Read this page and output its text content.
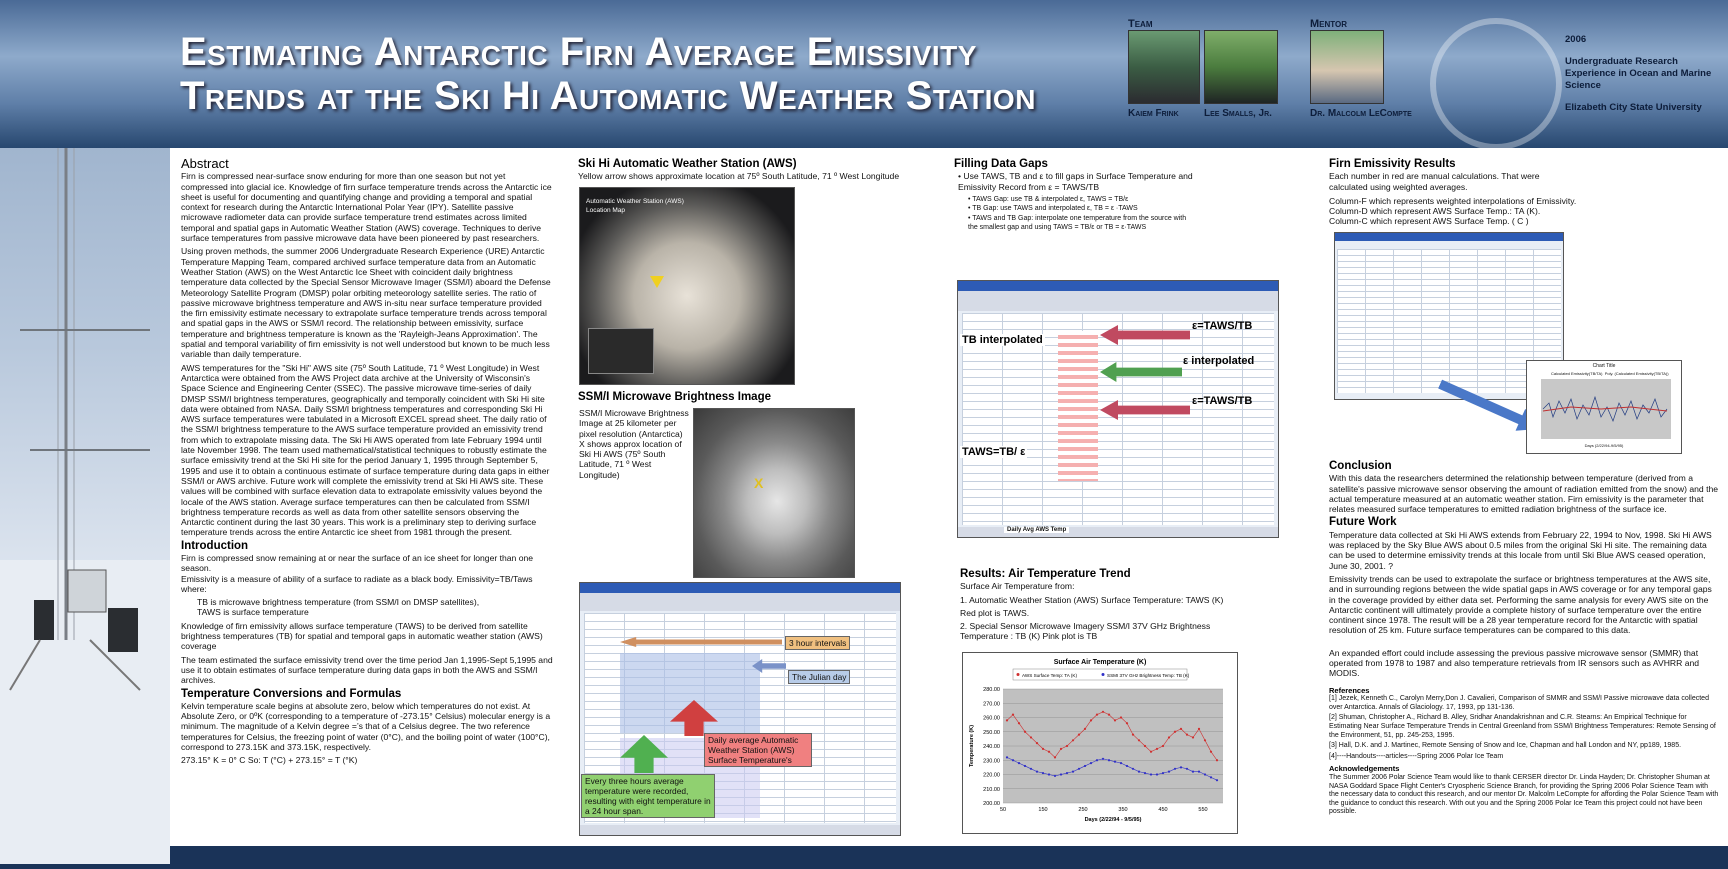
Estimating Antarctic Firn Average Emissivity
Trends at the Ski Hi Automatic Weather Station
Team
Kaiem Frink	Lee Smalls, Jr.
Mentor
Dr. Malcolm LeCompte
2006
Undergraduate Research Experience in Ocean and Marine Science
Elizabeth City State University
Abstract

Firn is compressed near-surface snow enduring for more than one season but not yet compressed into glacial ice. Knowledge of firn surface temperature trends across the Antarctic ice sheet is useful for documenting and quantifying change and providing a temporal and spatial context for research during the Antarctic International Polar Year (IPY). Satellite passive microwave radiometer data can provide surface temperature trend estimates across limited temporal and spatial gaps in Automatic Weather Station (AWS) coverage. Techniques to derive surface temperatures from passive microwave data have been pioneered by past researchers.

Using proven methods, the summer 2006 Undergraduate Research Experience (URE) Antarctic Temperature Mapping Team, compared archived surface temperature data from an Automatic Weather Station (AWS) on the West Antarctic Ice Sheet with coincident daily brightness temperature data collected by the Special Sensor Microwave Imager (SSM/I) aboard the Defense Meteorology Satellite Program (DMSP) polar orbiting meteorology satellite series. The ratio of passive microwave brightness temperature and AWS in-situ near surface temperature provided the firn emissivity estimate necessary to extrapolate surface temperature trends across temporal and spatial gaps in the AWS or SSM/I record. The relationship between emissivity, surface temperature and brightness temperature is known as the 'Rayleigh-Jeans Approximation'. The spatial and temporal variability of firn emissivity is not well understood but known to be much less variable than daily temperature.

AWS temperatures for the "Ski Hi" AWS site (75º South Latitude, 71 º West Longitude) in West Antarctica were obtained from the AWS Project data archive at the University of Wisconsin's Space Science and Engineering Center (SSEC). The passive microwave time-series of daily DMSP SSM/I brightness temperatures, geographically and temporally coincident with Ski Hi site data were obtained from NASA. Daily SSM/I brightness temperatures and corresponding Ski Hi AWS surface temperatures were tabulated in a Microsoft EXCEL spread sheet. The daily ratio of the SSM/I brightness temperature to the AWS surface temperature provided an emissivity trend from which to extrapolate missing data. The Ski Hi AWS operated from late February 1994 until late November 1998. The team used mathematical/statistical techniques to robustly estimate the surface emissivity trend at the Ski Hi site for the period January 1, 1995 through September 5, 1995 and use it to obtain a continuous estimate of surface temperature during data gaps in either SSM/I or AWS archive. Future work will complete the emissivity trend at Ski Hi AWS site. These values will be combined with surface elevation data to extrapolate emissivity values beyond the locale of the AWS station. Average surface temperatures can then be calculated from SSM/I brightness temperature records as well as data from other satellite sensors observing the Antarctic continent during the last 30 years. This work is a preliminary step to deriving surface temperature trends across the entire Antarctic ice sheet from 1981 through the present.

Introduction

Firn is compressed snow remaining at or near the surface of an ice sheet for longer than one season.

Emissivity is a measure of ability of a surface to radiate as a black body. Emissivity=TB/Taws where:

TB is microwave brightness temperature (from SSM/I on DMSP satellites),

TAWS is surface temperature

Knowledge of firn emissivity allows surface temperature (TAWS) to be derived from satellite brightness temperatures (TB) for spatial and temporal gaps in automatic weather station (AWS) coverage

The team estimated the surface emissivity trend over the time period Jan 1,1995-Sept 5,1995 and use it to obtain estimates of surface temperature during data gaps in both the AWS and SSM/I archives.

Temperature Conversions and Formulas

Kelvin temperature scale begins at absolute zero, below which temperatures do not exist. At Absolute Zero, or 0ºK (corresponding to a temperature of -273.15° Celsius) molecular energy is a minimum. The magnitude of a Kelvin degree =’s that of a Celsius degree. The two reference temperatures for Celsius, the freezing point of water (0°C), and the boiling point of water (100°C), correspond to 273.15K and 373.15K, respectively.

273.15° K = 0° C So: T (°C) + 273.15° = T (°K)

Ski Hi Automatic Weather Station (AWS)

Yellow arrow shows approximate location at 75º South Latitude, 71 º West Longitude

Automatic Weather Station (AWS) Location Map
SSM/I Microwave Brightness Image

SSM/I Microwave Brightness Image at 25 kilometer per pixel resolution (Antarctica) X shows approx location of Ski Hi AWS (75º South Latitude, 71 º West Longitude)

X
3 hour intervals
The Julian day
Daily average Automatic Weather Station (AWS) Surface Temperature's
Every three hours average temperature were recorded, resulting with eight temperature in a 24 hour span.
Filling Data Gaps

• Use TAWS, TB and ε to fill gaps in Surface Temperature and Emissivity Record from ε = TAWS/TB

• TAWS Gap: use TB & interpolated ε, TAWS = TB/ε

• TB Gap: use TAWS and interpolated ε, TB = ε ·TAWS

• TAWS and TB Gap: interpolate one temperature from the source with the smallest gap and using TAWS = TB/ε or TB = ε·TAWS

Daily Avg AWS Temp
ε=TAWS/TB
TB interpolated
ε interpolated
ε=TAWS/TB
TAWS=TB/ ε
Results: Air Temperature Trend

Surface Air Temperature from:

1. Automatic Weather Station (AWS) Surface Temperature: TAWS (K)

Red plot is TAWS.

2. Special Sensor Microwave Imagery SSM/I 37V GHz Brightness Temperature : TB (K) Pink plot is TB

Surface Air Temperature (K)
AWS Surface Temp: TA (K)	SSMI 37V GHz Brightness Temp: TB (K)
200.00
210.00
220.00
230.00
240.00
250.00
260.00
270.00
280.00
50	150	250	350	450	550
Days (2/22/94 - 9/5/95)
Temperature (K)
Firn Emissivity Results

Each number in red are manual calculations. That were calculated using weighted averages.

Column-F which represents weighted interpolations of Emissivity.

Column-D which represent AWS Surface Temp.: TA (K).

Column-C which represent AWS Surface Temp. ( C )

Chart Title
Calculated Emissivity(TB/TA) Poly. (Calculated Emissivity(TB/TA))
Days (2/22/94-9/5/95)
Conclusion

With this data the researchers determined the relationship between temperature (derived from a satellite's passive microwave sensor observing the amount of radiation emitted from the snow) and the actual temperature measured at an automatic weather station. Firn emissivity is the parameter that relates measured surface temperatures to emitted radiation brightness of the surface ice.

Future Work

Temperature data collected at Ski Hi AWS extends from February 22, 1994 to Nov, 1998. Ski Hi AWS was replaced by the Sky Blue AWS about 0.5 miles from the original Ski Hi site. The remaining data can be used to determine emissivity trends at this locale from until Ski Blue AWS ceased operation, June 30, 2001. ?

Emissivity trends can be used to extrapolate the surface or brightness temperatures at the AWS site, and in surrounding regions between the wide spatial gaps in AWS coverage or for any temporal gaps in the coverage provided by either data set. Performing the same analysis for every AWS site on the Antarctic continent will ultimately provide a complete history of surface temperature over the entire continent since 1978. The result will be a 28 year temperature record for the Antarctic with spatial resolution of 25 km. Future surface temperatures can be compared to this data.

An expanded effort could include assessing the previous passive microwave sensor (SMMR) that operated from 1978 to 1987 and also temperature retrievals from IR sensors such as AVHRR and MODIS.

References

[1] Jezek, Kenneth C., Carolyn Merry,Don J. Cavalieri, Comparison of SMMR and SSM/I Passive microwave data collected over Antarctica. Annals of Glaciology. 17, 1993, pp 131-136.

[2] Shuman, Christopher A., Richard B. Alley, Sridhar Anandakrishnan and C.R. Stearns: An Empirical Technique for Estimating Near Surface Temperature Trends in Central Greenland from SSM/I Brightness Temperatures: Remote Sensing of the Environment, 51, pp. 245-253, 1995.

[3] Hall, D.K. and J. Martinec, Remote Sensing of Snow and Ice, Chapman and hall London and NY, pp189, 1985.

[4]----Handouts----articles----Spring 2006 Polar Ice Team

Acknowledgements

The Summer 2006 Polar Science Team would like to thank CERSER director Dr. Linda Hayden; Dr. Christopher Shuman at NASA Goddard Space Flight Center's Cryospheric Science Branch, for providing the Spring 2006 Polar Science Team with the necessary data to conduct this research, and our mentor Dr. Malcolm LeCompte for affording the Polar Science Team with the guidance to conduct this research. With out you and the Spring 2006 Polar Ice Team this project could not have been possible.
